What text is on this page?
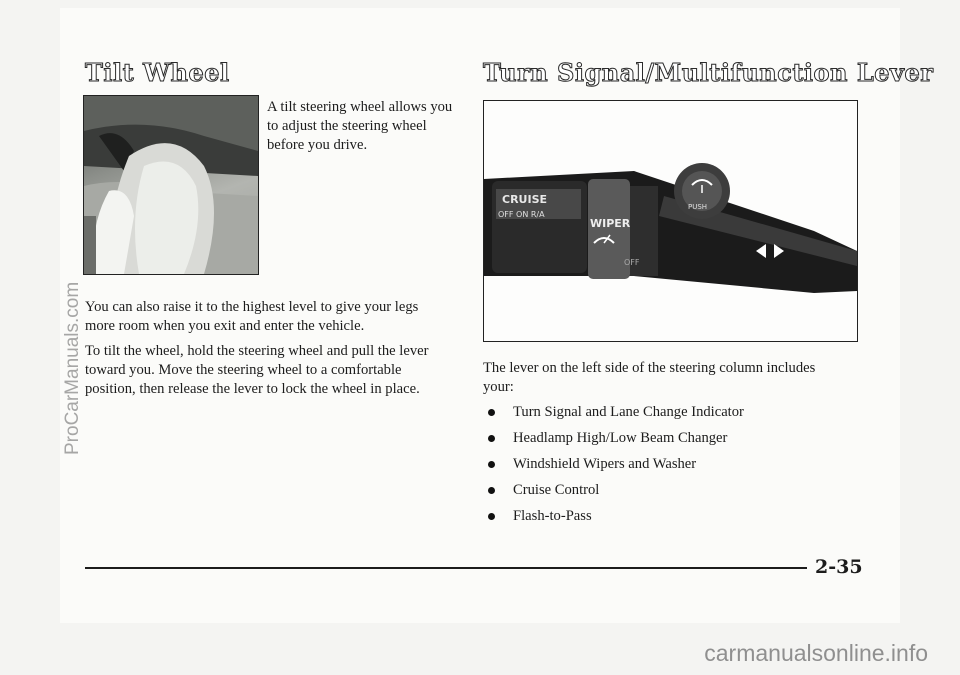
Tilt Wheel	Turn Signal/Multifunction Lever

A tilt steering wheel allows you to adjust the steering wheel before you drive.

You can also raise it to the highest level to give your legs more room when you exit and enter the vehicle.

To tilt the wheel, hold the steering wheel and pull the lever toward you. Move the steering wheel to a comfortable position, then release the lever to lock the wheel in place.

CRUISE
OFF ON R/A
WIPER
PUSH
OFF

The lever on the left side of the steering column includes your:

Turn Signal and Lane Change Indicator
Headlamp High/Low Beam Changer
Windshield Wipers and Washer
Cruise Control
Flash-to-Pass

2-35

ProCarManuals.com

carmanualsonline.info
